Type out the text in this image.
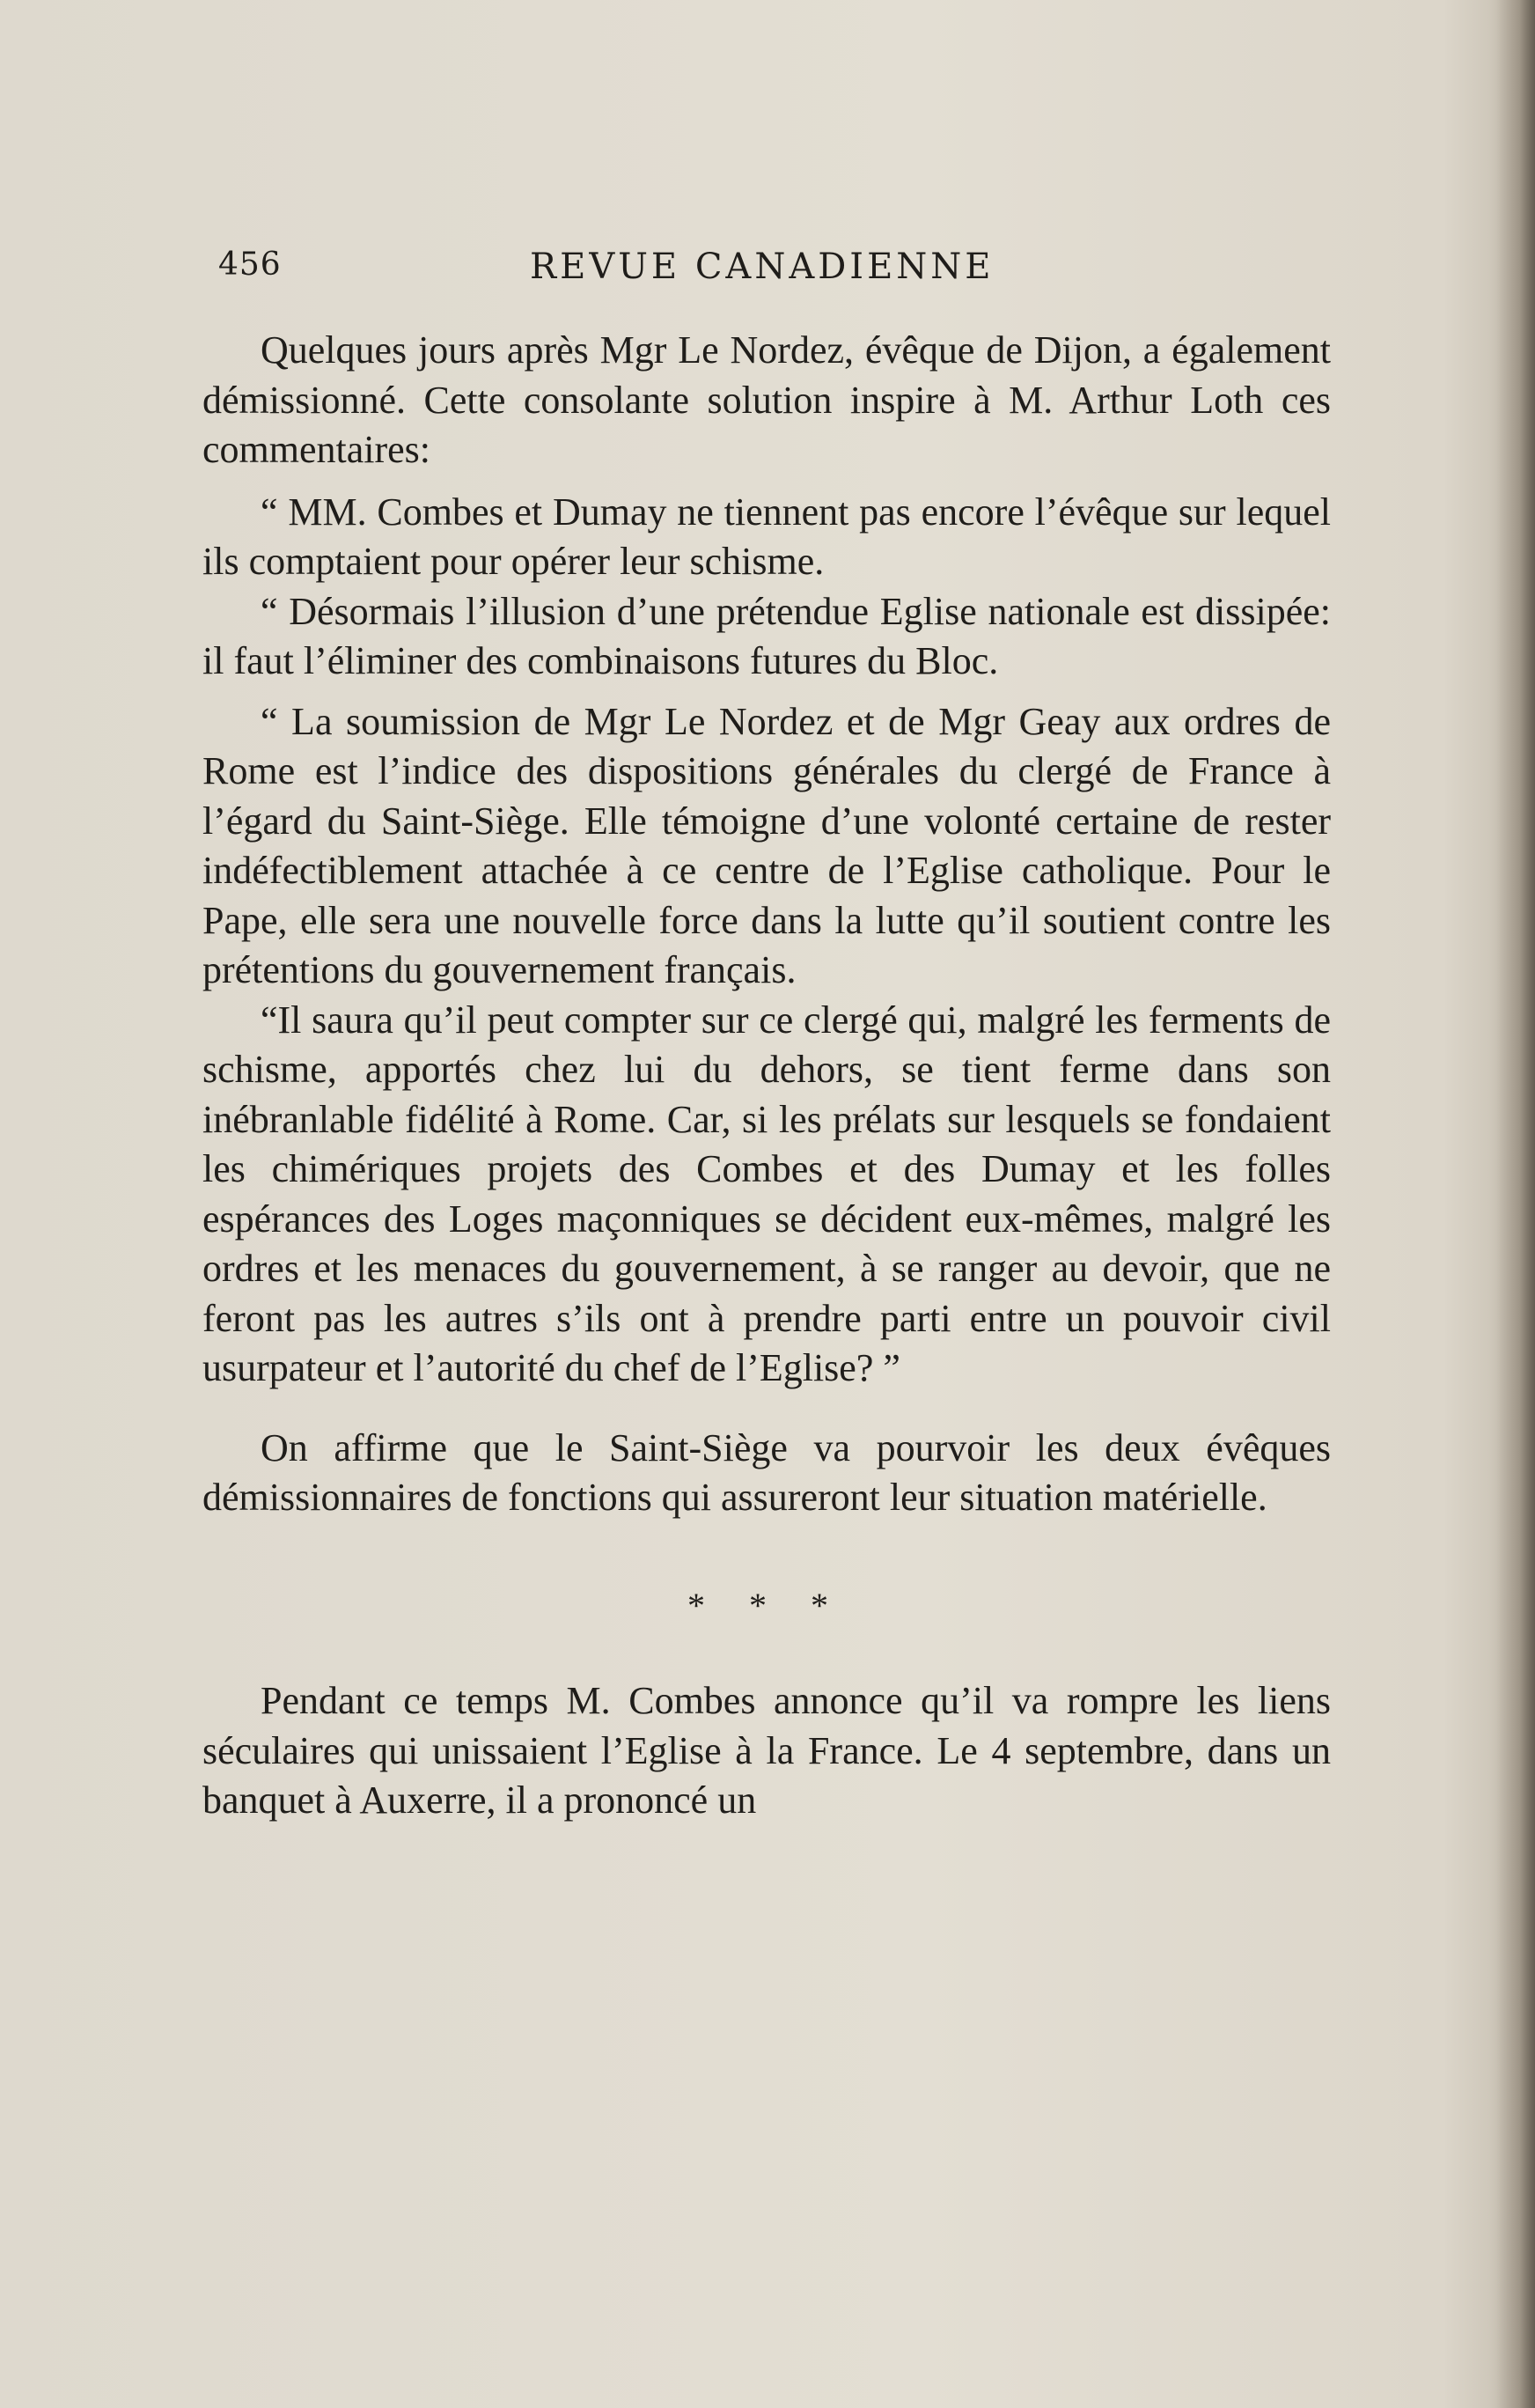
456	REVUE CANADIENNE

Quelques jours après Mgr Le Nordez, évêque de Dijon, a également démissionné. Cette consolante solution inspire à M. Arthur Loth ces commentaires:

“ MM. Combes et Dumay ne tiennent pas encore l’évêque sur lequel ils comptaient pour opérer leur schisme.

“ Désormais l’illusion d’une prétendue Eglise nationale est dissipée: il faut l’éliminer des combinaisons futures du Bloc.

“ La soumission de Mgr Le Nordez et de Mgr Geay aux ordres de Rome est l’indice des dispositions générales du clergé de France à l’égard du Saint-Siège. Elle témoigne d’une volonté certaine de rester indéfectiblement attachée à ce centre de l’Eglise catholique. Pour le Pape, elle sera une nouvelle force dans la lutte qu’il soutient contre les prétentions du gouvernement français.

“Il saura qu’il peut compter sur ce clergé qui, malgré les ferments de schisme, apportés chez lui du dehors, se tient ferme dans son inébranlable fidélité à Rome. Car, si les prélats sur lesquels se fondaient les chimériques projets des Combes et des Dumay et les folles espérances des Loges maçonniques se décident eux-mêmes, malgré les ordres et les menaces du gouvernement, à se ranger au devoir, que ne feront pas les autres s’ils ont à prendre parti entre un pouvoir civil usurpateur et l’autorité du chef de l’Eglise? ”

On affirme que le Saint-Siège va pourvoir les deux évêques démissionnaires de fonctions qui assureront leur situation matérielle.

* * *

Pendant ce temps M. Combes annonce qu’il va rompre les liens séculaires qui unissaient l’Eglise à la France. Le 4 septembre, dans un banquet à Auxerre, il a prononcé un
